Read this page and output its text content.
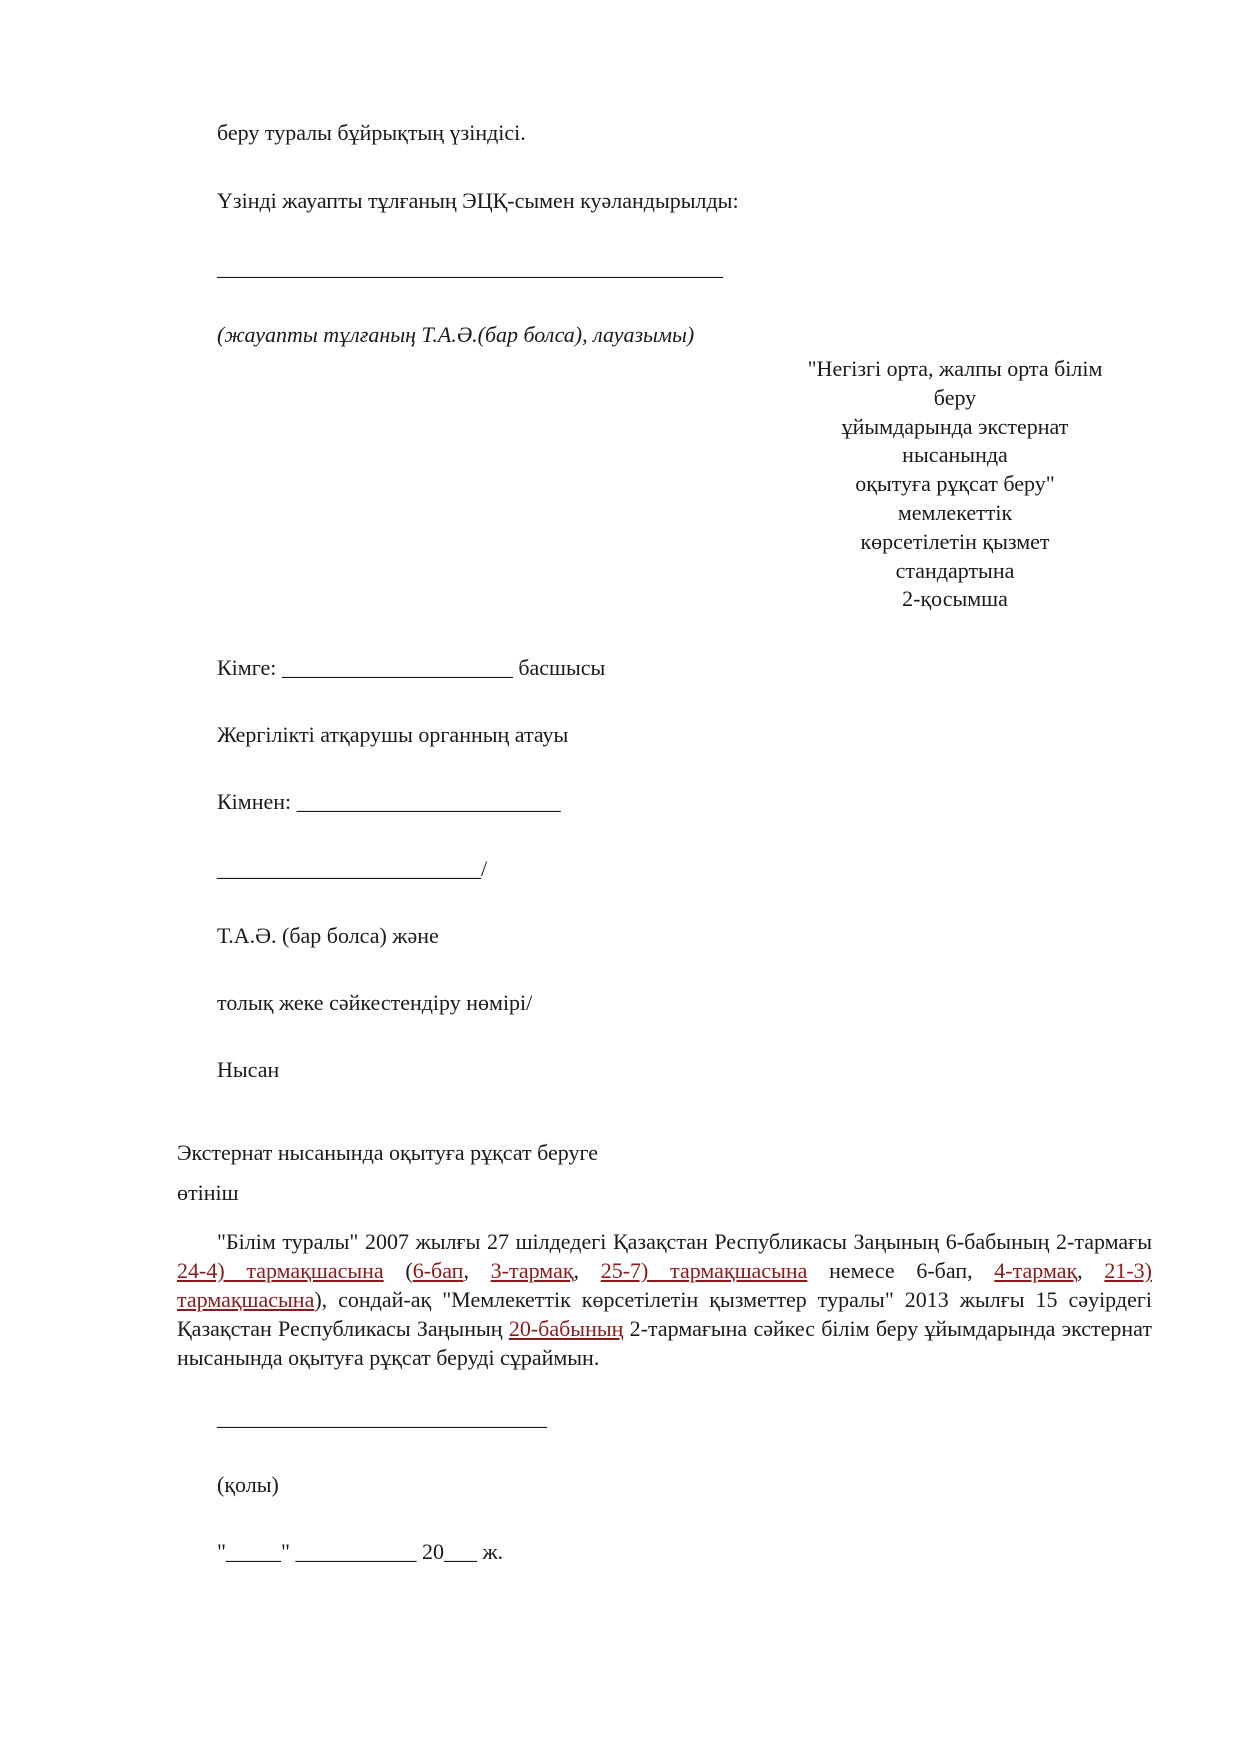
беру туралы бұйрықтың үзіндісі.
Үзінді жауапты тұлғаның ЭЦҚ-сымен куәландырылды:
______________________________________________
(жауапты тұлғаның Т.А.Ә.(бар болса), лауазымы)
"Негізгі орта, жалпы орта білім
беру
ұйымдарында экстернат
нысанында
оқытуға рұқсат беру"
мемлекеттік
көрсетілетін қызмет
стандартына
2-қосымша
Кімге: _____________________ басшысы
Жергілікті атқарушы органның атауы
Кімнен: ________________________
________________________/
Т.А.Ә. (бар болса) және
толық жеке сәйкестендіру нөмірі/
Нысан
Экстернат нысанында оқытуға рұқсат беруге
өтініш
"Білім туралы" 2007 жылғы 27 шілдедегі Қазақстан Республикасы Заңының 6-бабының 2-тармағы 24-4) тармақшасына (6-бап, 3-тармақ, 25-7) тармақшасына немесе 6-бап, 4-тармақ, 21-3) тармақшасына), сондай-ақ "Мемлекеттік көрсетілетін қызметтер туралы" 2013 жылғы 15 сәуірдегі Қазақстан Республикасы Заңының 20-бабының 2-тармағына сәйкес білім беру ұйымдарында экстернат нысанында оқытуға рұқсат беруді сұраймын.
______________________________
(қолы)
"_____" ___________ 20___ ж.
